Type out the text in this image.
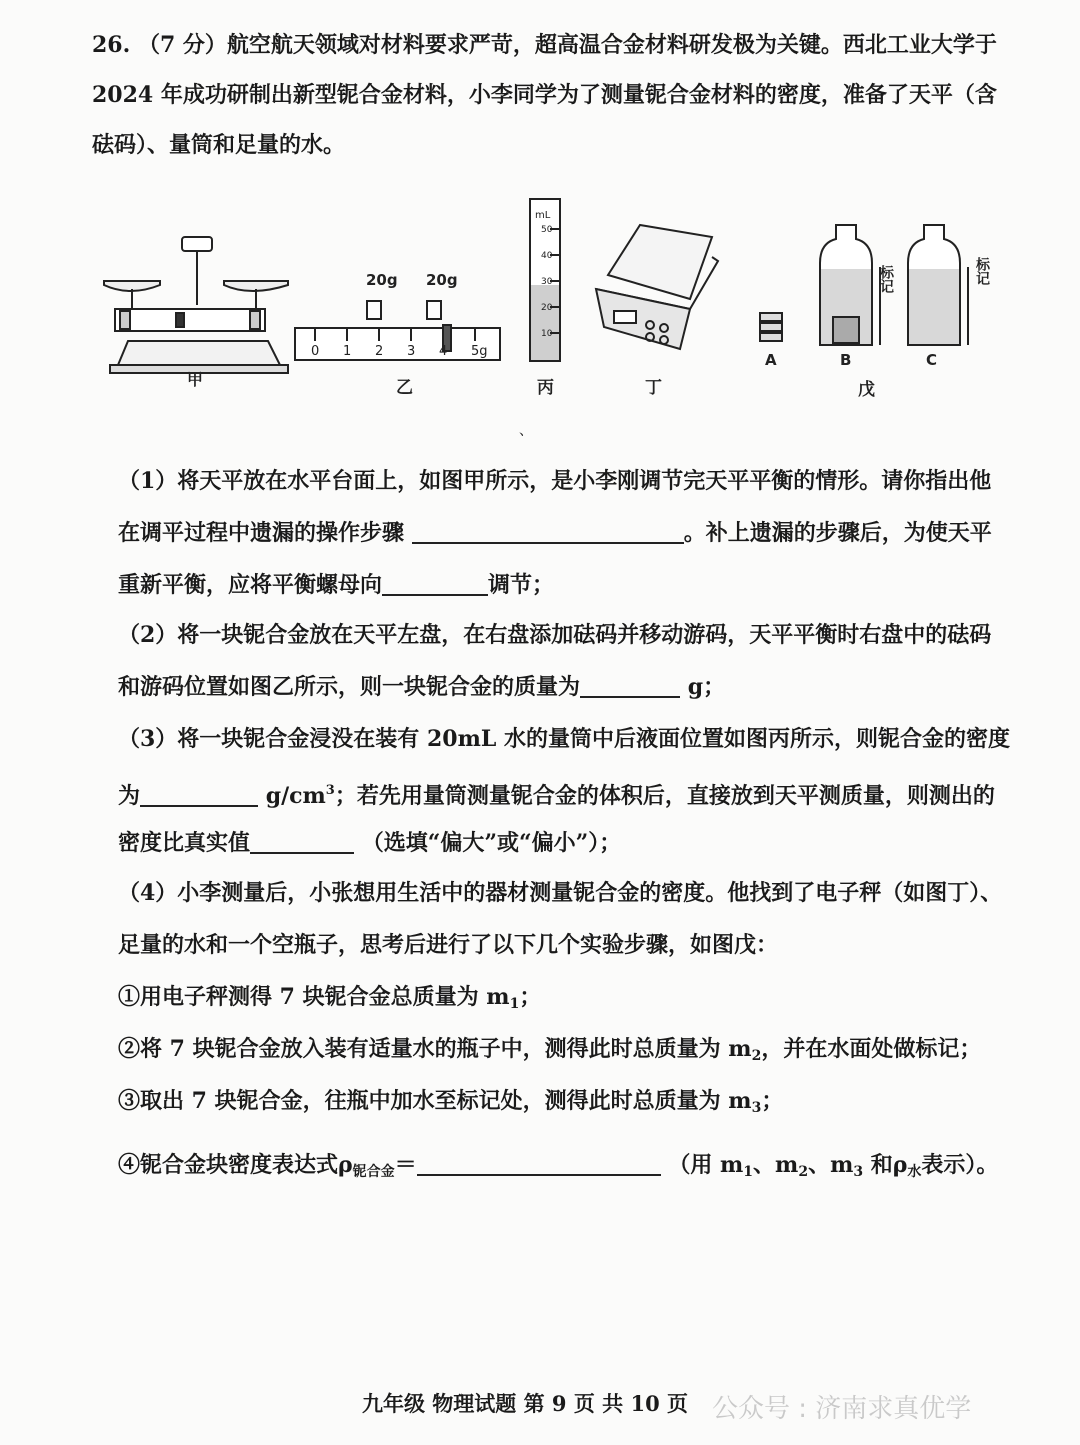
26. （7 分）航空航天领域对材料要求严苛，超高温合金材料研发极为关键。西北工业大学于
2024 年成功研制出新型铌合金材料，小李同学为了测量铌合金材料的密度，准备了天平（含
砝码）、量筒和足量的水。
甲
20g 20g
0 1 2 3 4 5g
乙
mL
50
40
30
20
10
丙	丁
A	B	C
标记	标记
戊
、
（1）将天平放在水平台面上，如图甲所示，是小李刚调节完天平平衡的情形。请你指出他
在调平过程中遗漏的操作步骤	。补上遗漏的步骤后，为使天平
重新平衡，应将平衡螺母向	调节；
（2）将一块铌合金放在天平左盘，在右盘添加砝码并移动游码，天平平衡时右盘中的砝码
和游码位置如图乙所示，则一块铌合金的质量为	g；
（3）将一块铌合金浸没在装有 20mL 水的量筒中后液面位置如图丙所示，则铌合金的密度
为	$g/cm^3$；若先用量筒测量铌合金的体积后，直接放到天平测质量，则测出的
密度比真实值	（选填“偏大”或“偏小”）；
（4）小李测量后，小张想用生活中的器材测量铌合金的密度。他找到了电子秤（如图丁）、
足量的水和一个空瓶子，思考后进行了以下几个实验步骤，如图戊：
①用电子秤测得 7 块铌合金总质量为 $m_1$；
②将 7 块铌合金放入装有适量水的瓶子中，测得此时总质量为 $m_2$，并在水面处做标记；
③取出 7 块铌合金，往瓶中加水至标记处，测得此时总质量为 $m_3$；
④铌合金块密度表达式$\rho_{铌合金}=$	（用 $m_1$、$m_2$、$m_3$ 和$\rho_水$表示）。
九年级 物理试题 第 9 页 共 10 页 公众号 : 济南求真优学
